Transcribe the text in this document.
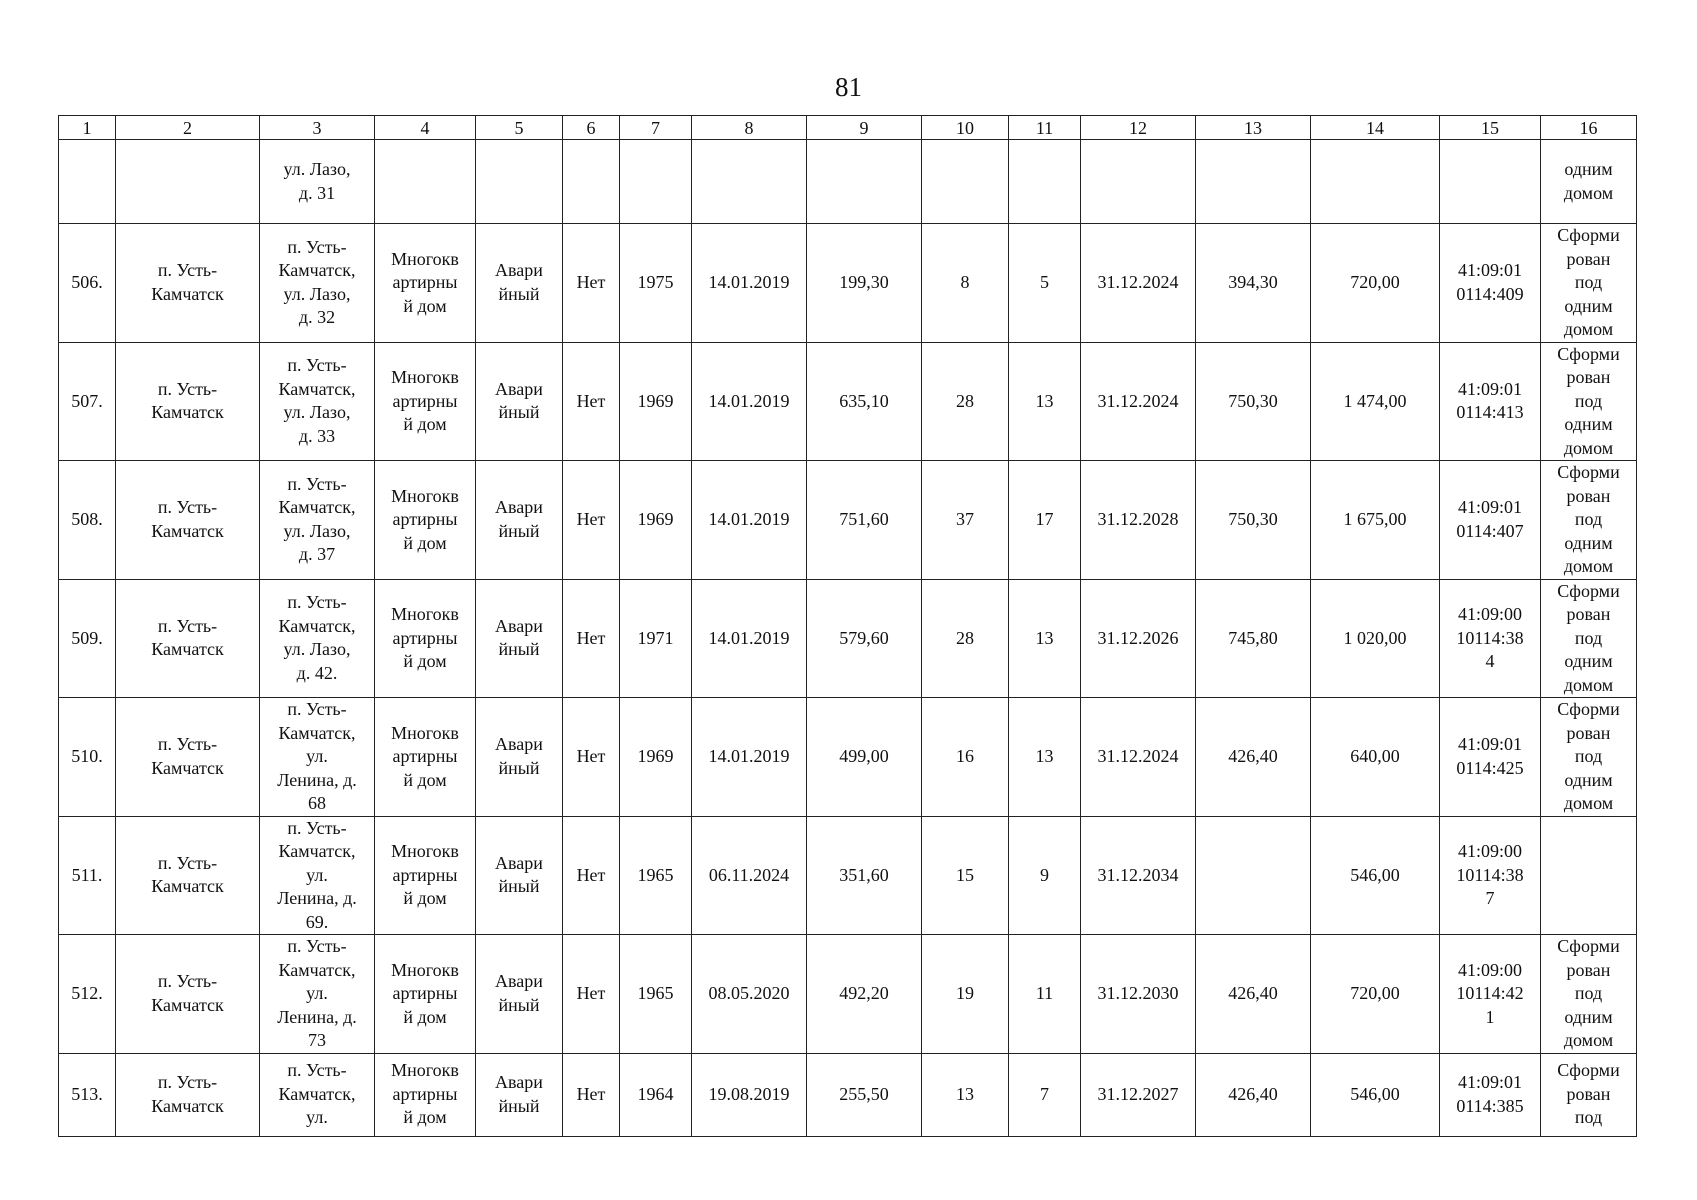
81
1	2	3	4	5	6	7	8	9	10	11	12	13	14	15	16

		ул. Лазо,
д. 31													одним
домом

506.	п. Усть-
Камчатск	п. Усть-
Камчатск,
ул. Лазо,
д. 32	Многокв
артирны
й дом	Авари
йный	Нет	1975	14.01.2019	199,30	8	5	31.12.2024	394,30	720,00	41:09:01
0114:409	Сформи
рован
под
одним
домом

507.	п. Усть-
Камчатск	п. Усть-
Камчатск,
ул. Лазо,
д. 33	Многокв
артирны
й дом	Авари
йный	Нет	1969	14.01.2019	635,10	28	13	31.12.2024	750,30	1 474,00	41:09:01
0114:413	Сформи
рован
под
одним
домом

508.	п. Усть-
Камчатск	п. Усть-
Камчатск,
ул. Лазо,
д. 37	Многокв
артирны
й дом	Авари
йный	Нет	1969	14.01.2019	751,60	37	17	31.12.2028	750,30	1 675,00	41:09:01
0114:407	Сформи
рован
под
одним
домом

509.	п. Усть-
Камчатск	п. Усть-
Камчатск,
ул. Лазо,
д. 42.	Многокв
артирны
й дом	Авари
йный	Нет	1971	14.01.2019	579,60	28	13	31.12.2026	745,80	1 020,00	41:09:00
10114:38
4	Сформи
рован
под
одним
домом

510.	п. Усть-
Камчатск	п. Усть-
Камчатск,
ул.
Ленина, д.
68	Многокв
артирны
й дом	Авари
йный	Нет	1969	14.01.2019	499,00	16	13	31.12.2024	426,40	640,00	41:09:01
0114:425	Сформи
рован
под
одним
домом

511.	п. Усть-
Камчатск	п. Усть-
Камчатск,
ул.
Ленина, д.
69.	Многокв
артирны
й дом	Авари
йный	Нет	1965	06.11.2024	351,60	15	9	31.12.2034		546,00	41:09:00
10114:38
7	

512.	п. Усть-
Камчатск	п. Усть-
Камчатск,
ул.
Ленина, д.
73	Многокв
артирны
й дом	Авари
йный	Нет	1965	08.05.2020	492,20	19	11	31.12.2030	426,40	720,00	41:09:00
10114:42
1	Сформи
рован
под
одним
домом

513.	п. Усть-
Камчатск	п. Усть-
Камчатск,
ул.	Многокв
артирны
й дом	Авари
йный	Нет	1964	19.08.2019	255,50	13	7	31.12.2027	426,40	546,00	41:09:01
0114:385	Сформи
рован
под
